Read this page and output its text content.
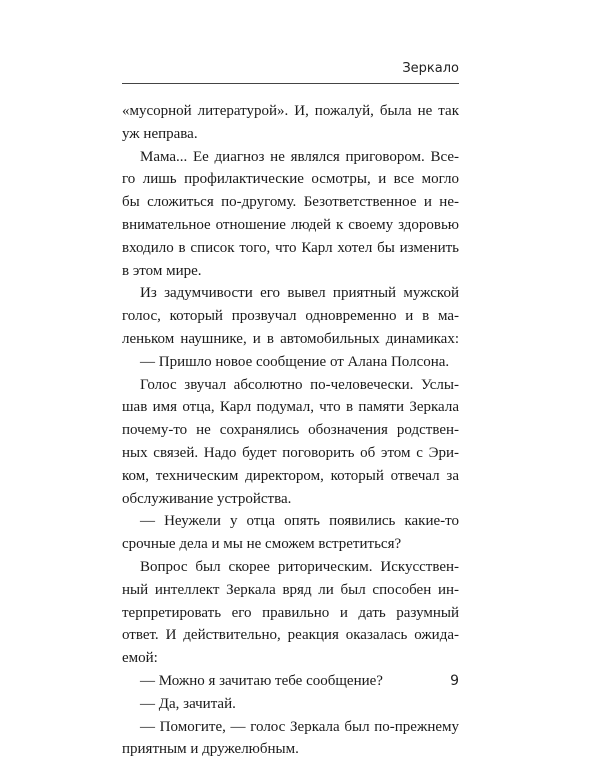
Зеркало
«мусорной литературой». И, пожалуй, была не так
уж неправа.
Мама... Ее диагноз не являлся приговором. Все-
го лишь профилактические осмотры, и все могло
бы сложиться по-другому. Безответственное и не-
внимательное отношение людей к своему здоровью
входило в список того, что Карл хотел бы изменить
в этом мире.
Из задумчивости его вывел приятный мужской
голос, который прозвучал одновременно и в ма-
леньком наушнике, и в автомобильных динамиках:
— Пришло новое сообщение от Алана Полсона.
Голос звучал абсолютно по-человечески. Услы-
шав имя отца, Карл подумал, что в памяти Зеркала
почему-то не сохранялись обозначения родствен-
ных связей. Надо будет поговорить об этом с Эри-
ком, техническим директором, который отвечал за
обслуживание устройства.
— Неужели у отца опять появились какие-то
срочные дела и мы не сможем встретиться?
Вопрос был скорее риторическим. Искусствен-
ный интеллект Зеркала вряд ли был способен ин-
терпретировать его правильно и дать разумный
ответ. И действительно, реакция оказалась ожида-
емой:
— Можно я зачитаю тебе сообщение?
— Да, зачитай.
— Помогите, — голос Зеркала был по-прежнему
приятным и дружелюбным.
9
